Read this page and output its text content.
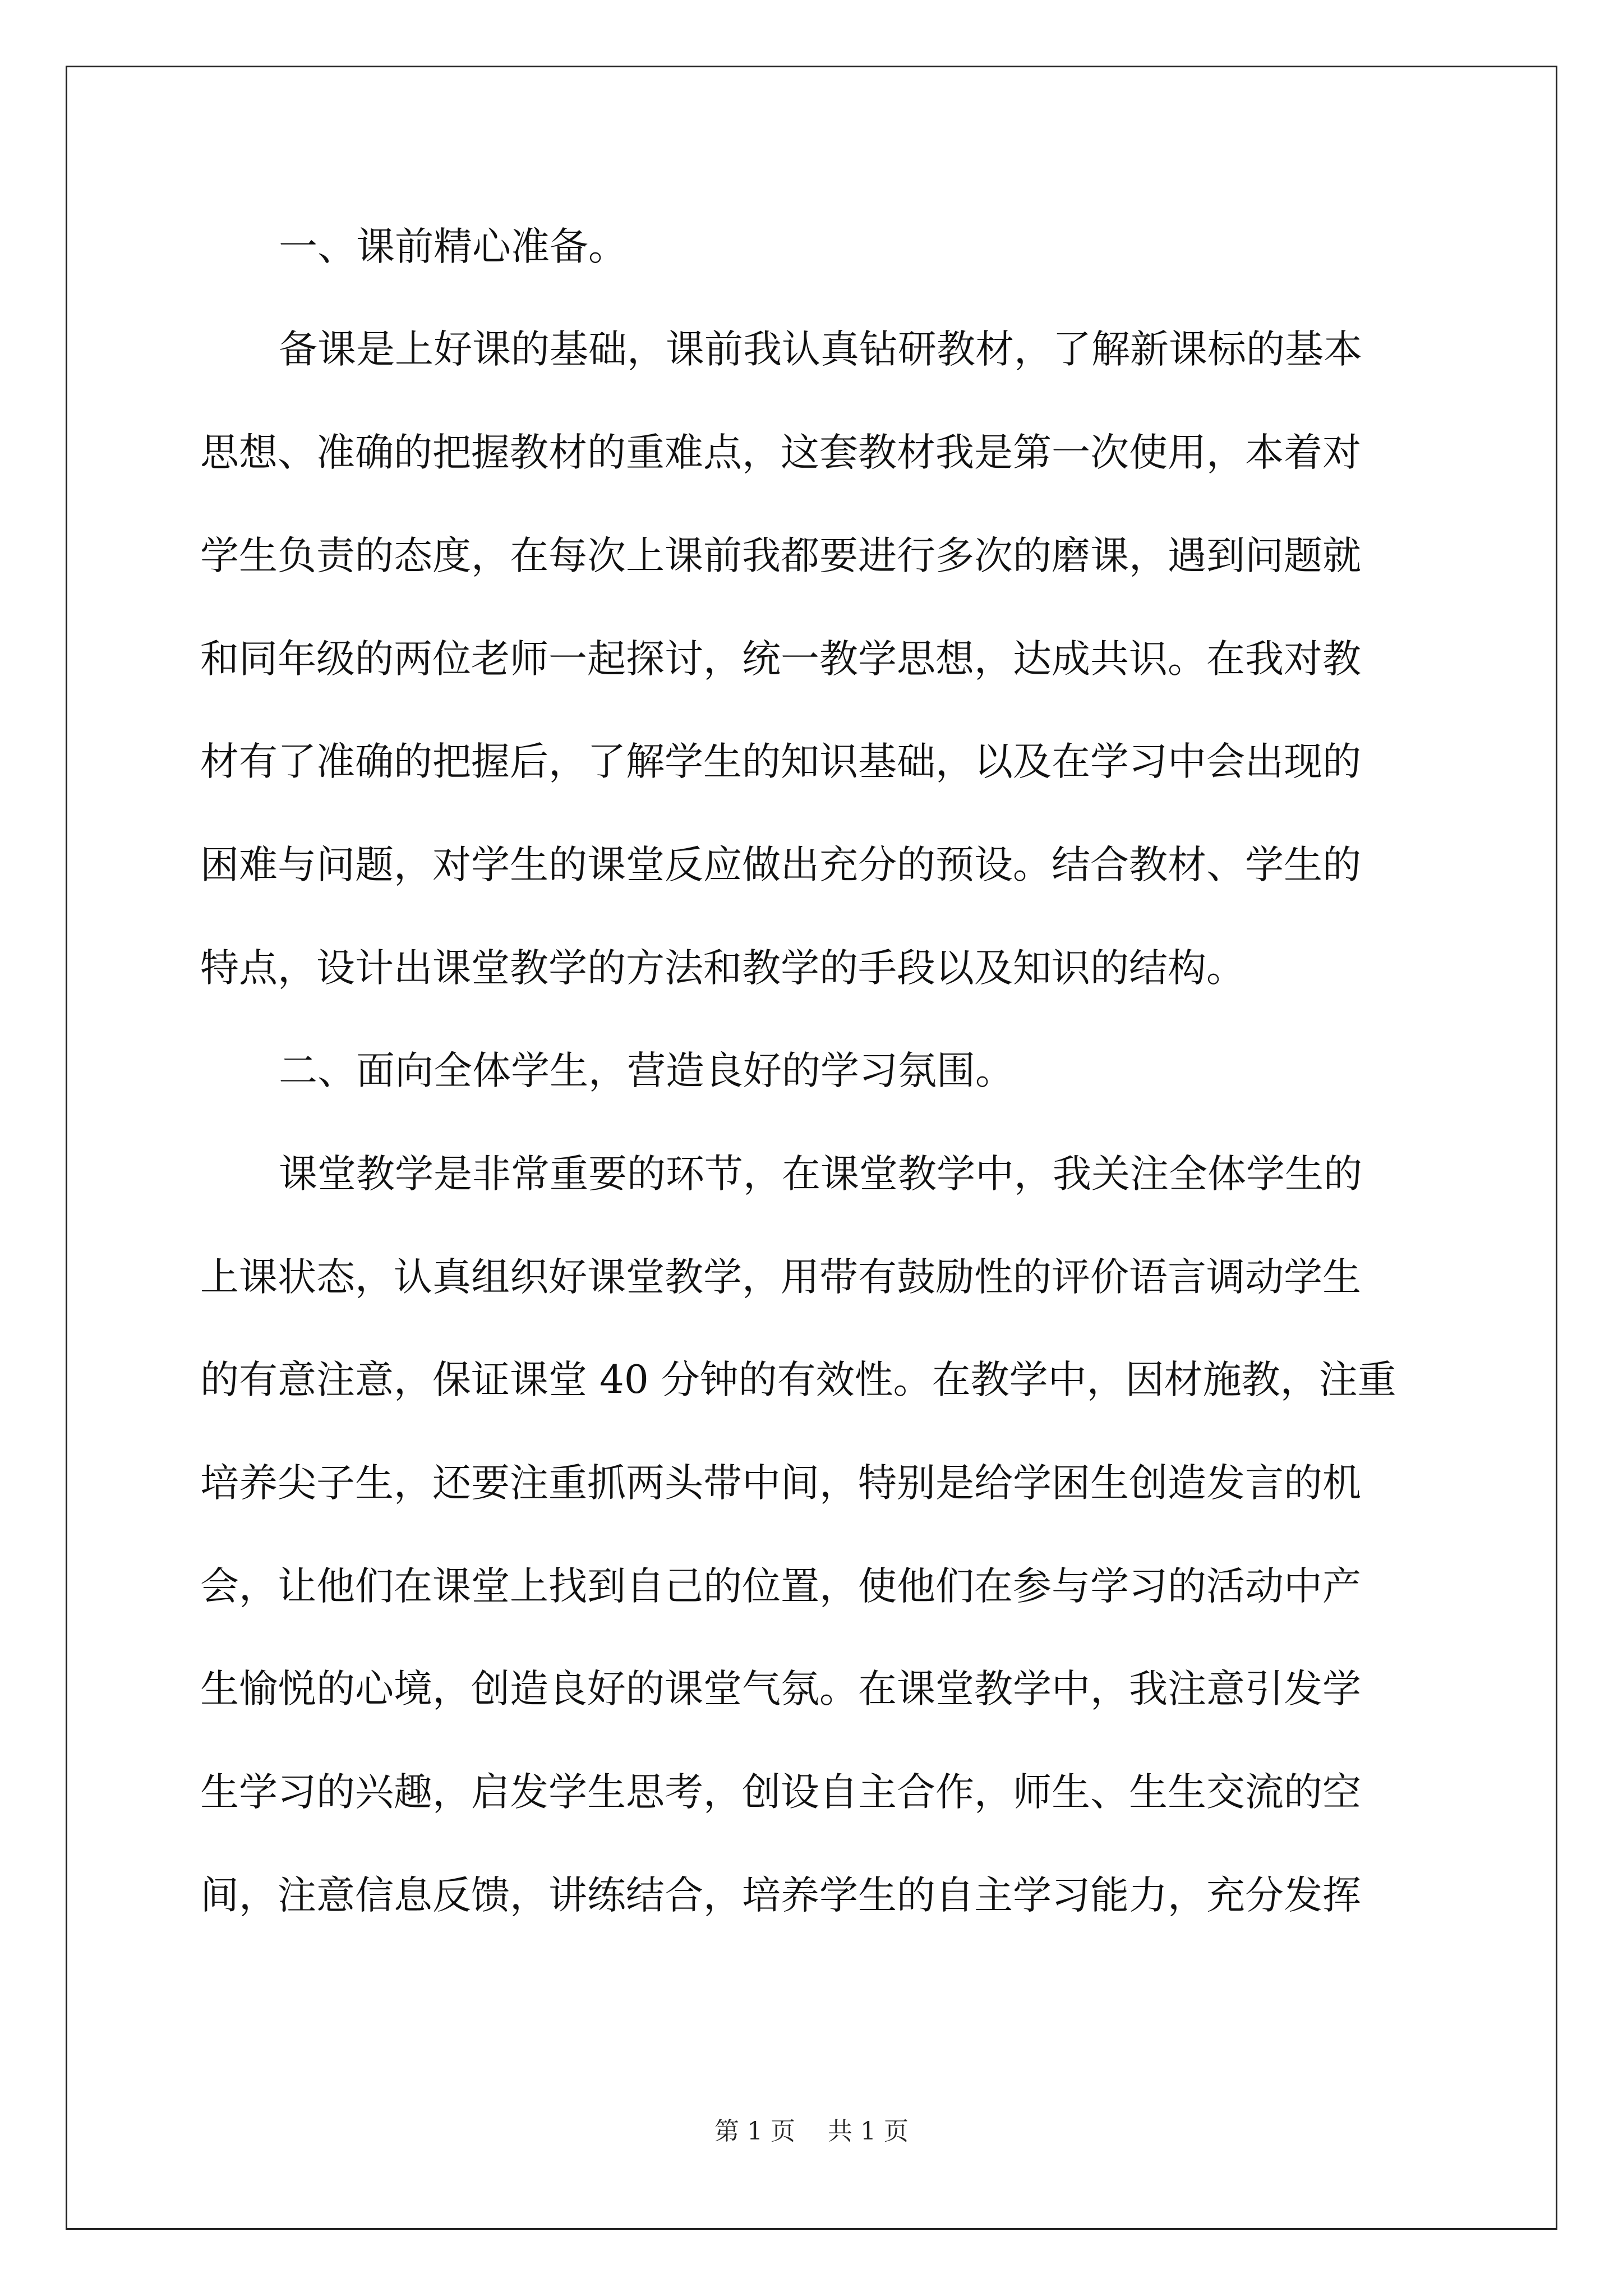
一、课前精心准备。
备课是上好课的基础，课前我认真钻研教材，了解新课标的基本
思想、准确的把握教材的重难点，这套教材我是第一次使用，本着对
学生负责的态度，在每次上课前我都要进行多次的磨课，遇到问题就
和同年级的两位老师一起探讨，统一教学思想，达成共识。在我对教
材有了准确的把握后，了解学生的知识基础，以及在学习中会出现的
困难与问题，对学生的课堂反应做出充分的预设。结合教材、学生的
特点，设计出课堂教学的方法和教学的手段以及知识的结构。
二、面向全体学生，营造良好的学习氛围。
课堂教学是非常重要的环节，在课堂教学中，我关注全体学生的
上课状态，认真组织好课堂教学，用带有鼓励性的评价语言调动学生
的有意注意，保证课堂 40 分钟的有效性。在教学中，因材施教，注重
培养尖子生，还要注重抓两头带中间，特别是给学困生创造发言的机
会，让他们在课堂上找到自己的位置，使他们在参与学习的活动中产
生愉悦的心境，创造良好的课堂气氛。在课堂教学中，我注意引发学
生学习的兴趣，启发学生思考，创设自主合作，师生、生生交流的空
间，注意信息反馈，讲练结合，培养学生的自主学习能力，充分发挥
第 1 页 共 1 页
